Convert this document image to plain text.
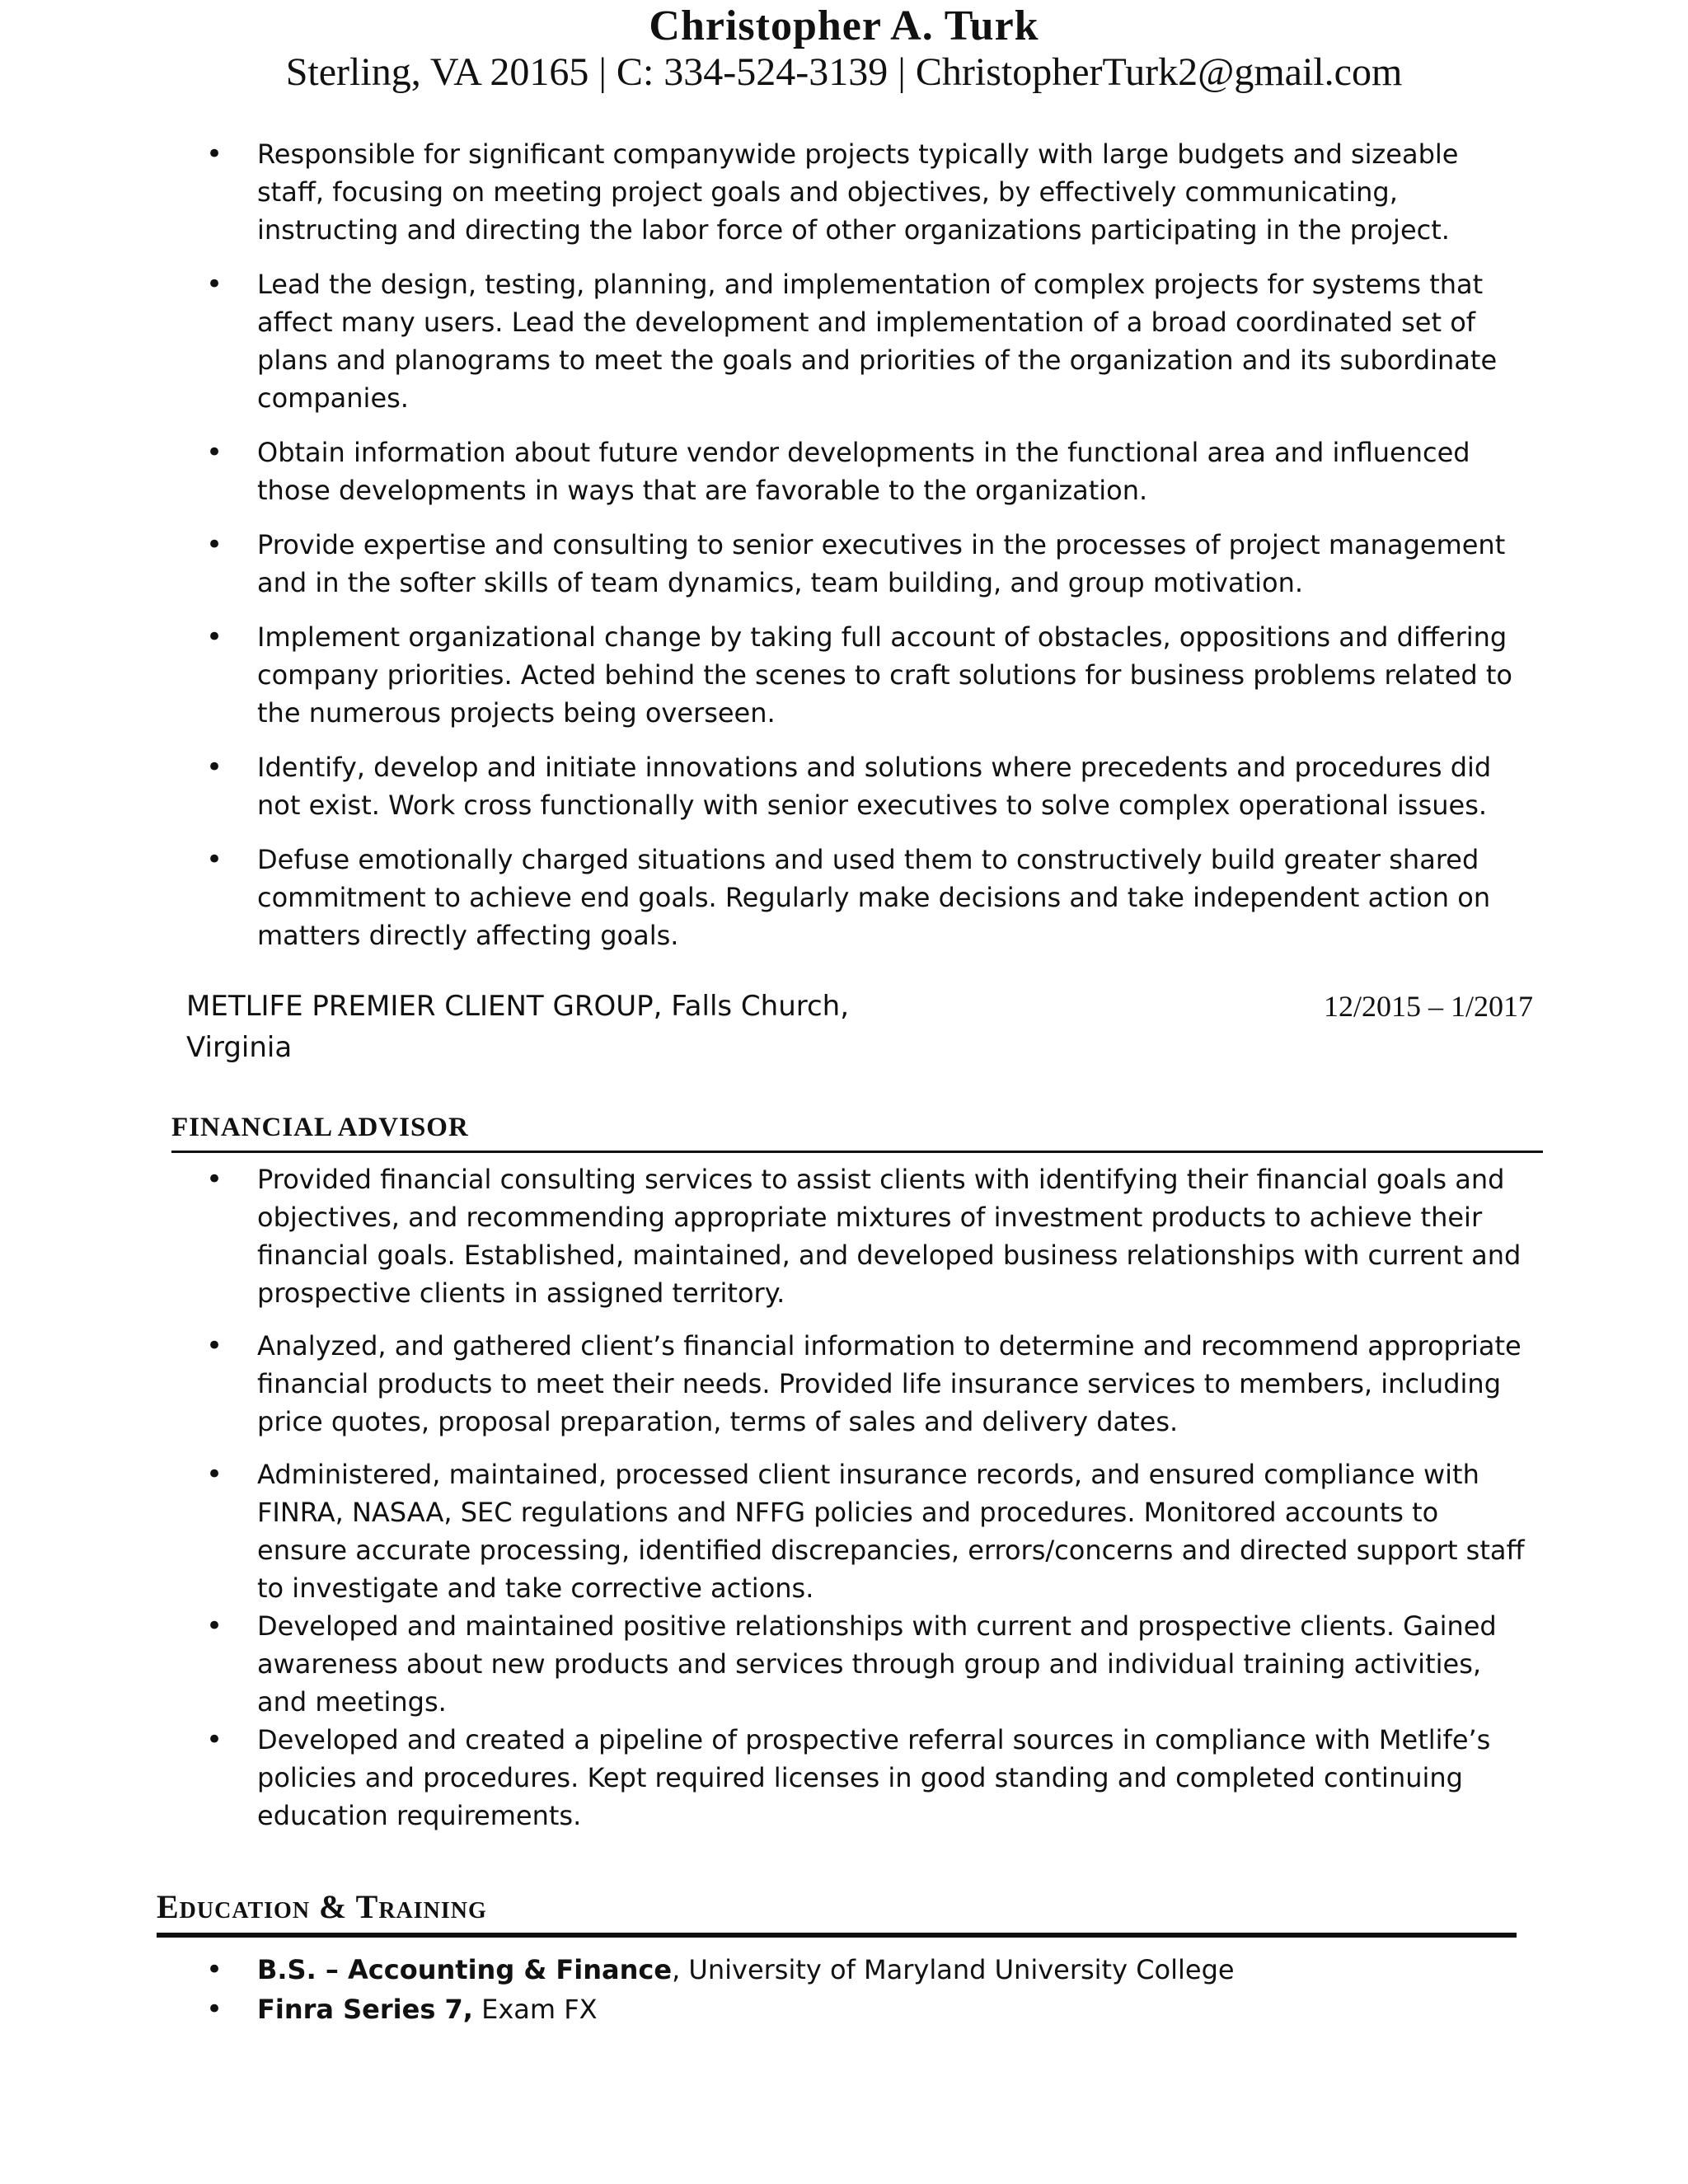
Christopher A. Turk
Sterling, VA 20165 | C: 334-524-3139 | ChristopherTurk2@gmail.com
• Responsible for significant companywide projects typically with large budgets and sizeable staff, focusing on meeting project goals and objectives, by effectively communicating, instructing and directing the labor force of other organizations participating in the project.
• Lead the design, testing, planning, and implementation of complex projects for systems that affect many users. Lead the development and implementation of a broad coordinated set of plans and planograms to meet the goals and priorities of the organization and its subordinate companies.
• Obtain information about future vendor developments in the functional area and influenced those developments in ways that are favorable to the organization.
• Provide expertise and consulting to senior executives in the processes of project management and in the softer skills of team dynamics, team building, and group motivation.
• Implement organizational change by taking full account of obstacles, oppositions and differing company priorities. Acted behind the scenes to craft solutions for business problems related to the numerous projects being overseen.
• Identify, develop and initiate innovations and solutions where precedents and procedures did not exist. Work cross functionally with senior executives to solve complex operational issues.
• Defuse emotionally charged situations and used them to constructively build greater shared commitment to achieve end goals. Regularly make decisions and take independent action on matters directly affecting goals.
METLIFE PREMIER CLIENT GROUP, Falls Church, Virginia
12/2015 – 1/2017
FINANCIAL ADVISOR
• Provided financial consulting services to assist clients with identifying their financial goals and objectives, and recommending appropriate mixtures of investment products to achieve their financial goals. Established, maintained, and developed business relationships with current and prospective clients in assigned territory.
• Analyzed, and gathered client’s financial information to determine and recommend appropriate financial products to meet their needs. Provided life insurance services to members, including price quotes, proposal preparation, terms of sales and delivery dates.
• Administered, maintained, processed client insurance records, and ensured compliance with FINRA, NASAA, SEC regulations and NFFG policies and procedures. Monitored accounts to ensure accurate processing, identified discrepancies, errors/concerns and directed support staff to investigate and take corrective actions.
• Developed and maintained positive relationships with current and prospective clients. Gained awareness about new products and services through group and individual training activities, and meetings.
• Developed and created a pipeline of prospective referral sources in compliance with Metlife’s policies and procedures. Kept required licenses in good standing and completed continuing education requirements.
Education & Training
• B.S. – Accounting & Finance, University of Maryland University College
• Finra Series 7, Exam FX
